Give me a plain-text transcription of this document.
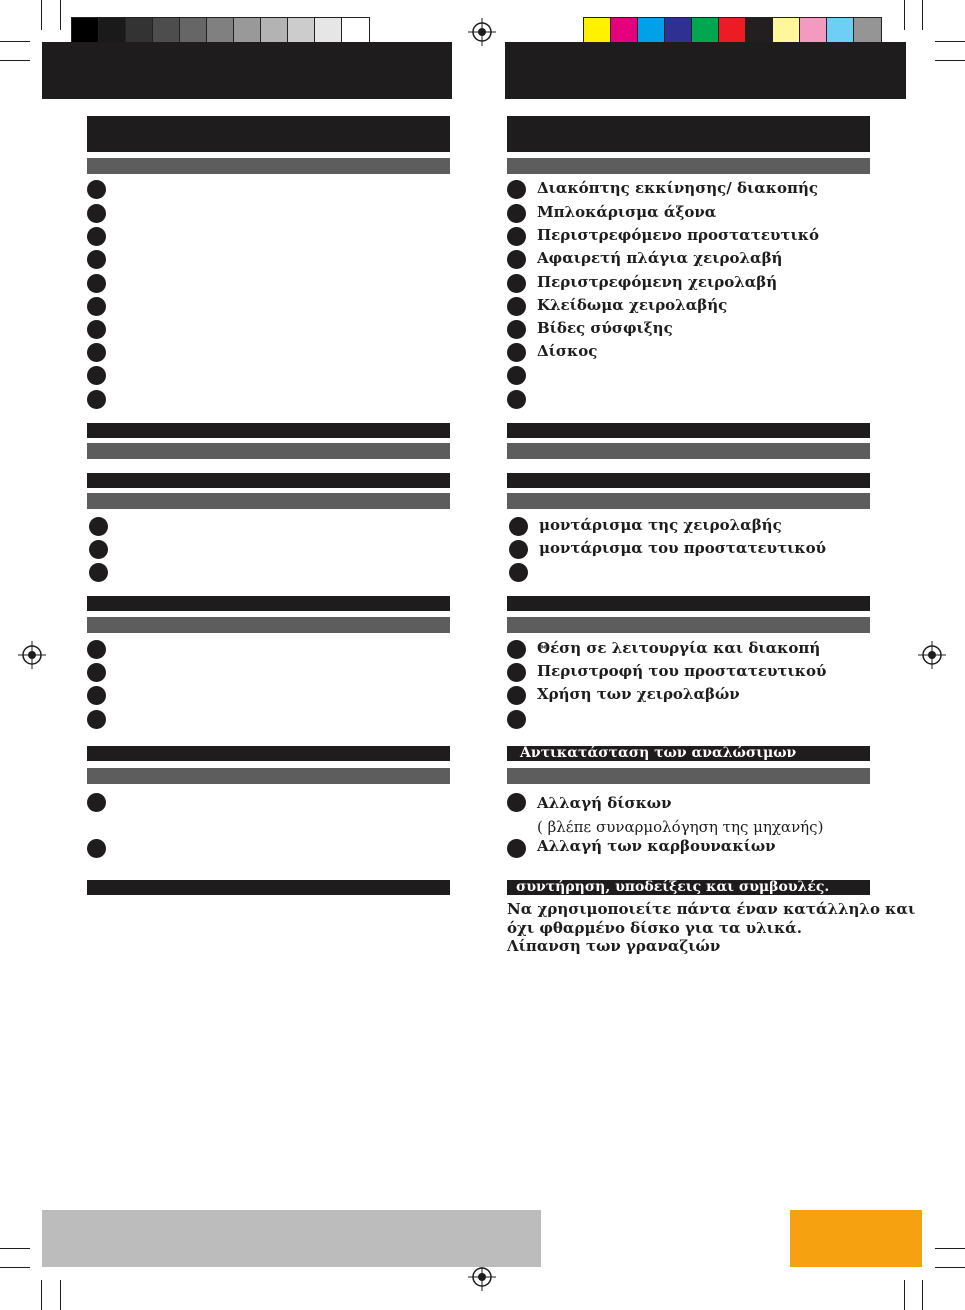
Διακόπτης εκκίνησης/ διακοπής
Μπλοκάρισμα άξονα
Περιστρεφόμενο προστατευτικό
Αφαιρετή πλάγια χειρολαβή
Περιστρεφόμενη χειρολαβή
Κλείδωμα χειρολαβής
Βίδες σύσφιξης
Δίσκος
μοντάρισμα της χειρολαβής
μοντάρισμα του προστατευτικού
Θέση σε λειτουργία και διακοπή
Περιστροφή του προστατευτικού
Χρήση των χειρολαβών
Αντικατάσταση των αναλώσιμων
Αλλαγή δίσκων
( βλέπε συναρμολόγηση της μηχανής)
Αλλαγή των καρβουνακίων
συντήρηση, υποδείξεις και συμβουλές.
Να χρησιμοποιείτε πάντα έναν κατάλληλο και
όχι φθαρμένο δίσκο για τα υλικά.
Λίπανση των γραναζιών
